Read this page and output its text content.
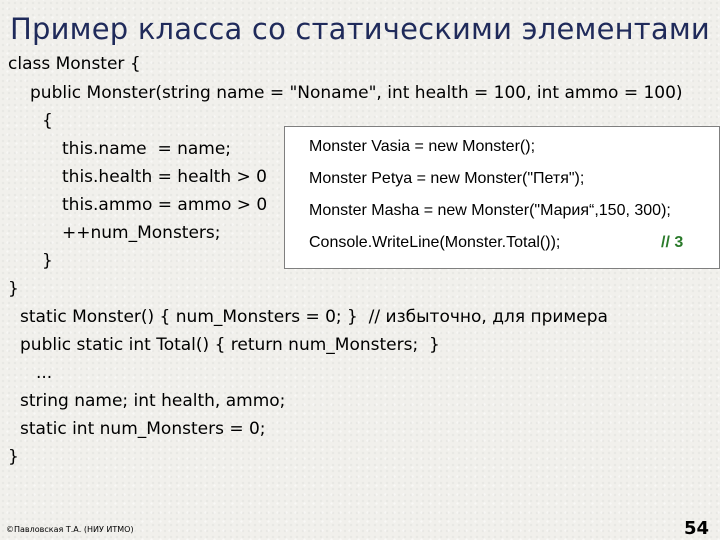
Пример класса со статическими элементами
class Monster {
public Monster(string name = "Noname", int health = 100, int ammo = 100)
{
this.name  = name;
this.health = health > 0
this.ammo = ammo > 0
++num_Monsters;
}
}
static Monster() { num_Monsters = 0; }  // избыточно, для примера
public static int Total() { return num_Monsters;  }
...
string name; int health, ammo;
static int num_Monsters = 0;
}
Monster Vasia = new Monster();
Monster Petya = new Monster("Петя");
Monster Masha = new Monster("Мария“,150, 300);
Console.WriteLine(Monster.Total());	// 3
©Павловская Т.А. (НИУ ИТМО)	54
